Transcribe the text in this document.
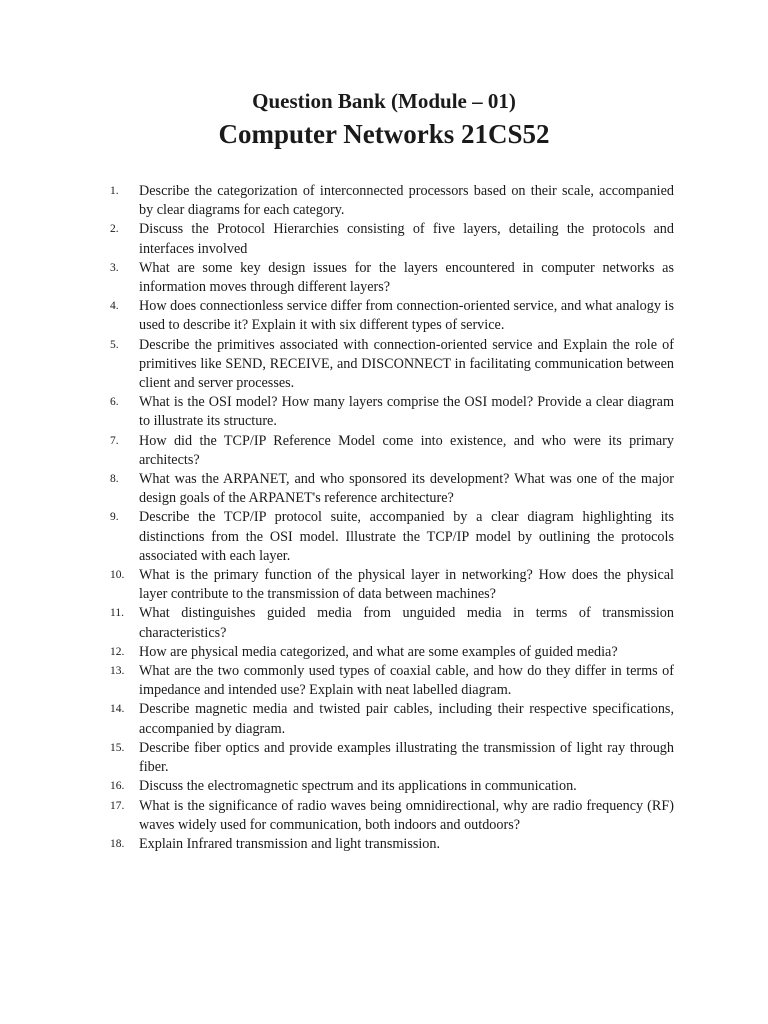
Question Bank (Module – 01)
Computer Networks 21CS52
1.	Describe the categorization of interconnected processors based on their scale, accompanied by clear diagrams for each category.
2.	Discuss the Protocol Hierarchies consisting of five layers, detailing the protocols and interfaces involved
3.	What are some key design issues for the layers encountered in computer networks as information moves through different layers?
4.	How does connectionless service differ from connection-oriented service, and what analogy is used to describe it? Explain it with six different types of service.
5.	Describe the primitives associated with connection-oriented service and Explain the role of primitives like SEND, RECEIVE, and DISCONNECT in facilitating communication between client and server processes.
6.	What is the OSI model? How many layers comprise the OSI model? Provide a clear diagram to illustrate its structure.
7.	How did the TCP/IP Reference Model come into existence, and who were its primary architects?
8.	What was the ARPANET, and who sponsored its development? What was one of the major design goals of the ARPANET's reference architecture?
9.	Describe the TCP/IP protocol suite, accompanied by a clear diagram highlighting its distinctions from the OSI model. Illustrate the TCP/IP model by outlining the protocols associated with each layer.
10.	What is the primary function of the physical layer in networking? How does the physical layer contribute to the transmission of data between machines?
11.	What distinguishes guided media from unguided media in terms of transmission characteristics?
12.	How are physical media categorized, and what are some examples of guided media?
13.	What are the two commonly used types of coaxial cable, and how do they differ in terms of impedance and intended use? Explain with neat labelled diagram.
14.	Describe magnetic media and twisted pair cables, including their respective specifications, accompanied by diagram.
15.	Describe fiber optics and provide examples illustrating the transmission of light ray through fiber.
16.	Discuss the electromagnetic spectrum and its applications in communication.
17.	What is the significance of radio waves being omnidirectional, why are radio frequency (RF) waves widely used for communication, both indoors and outdoors?
18.	Explain Infrared transmission and light transmission.
